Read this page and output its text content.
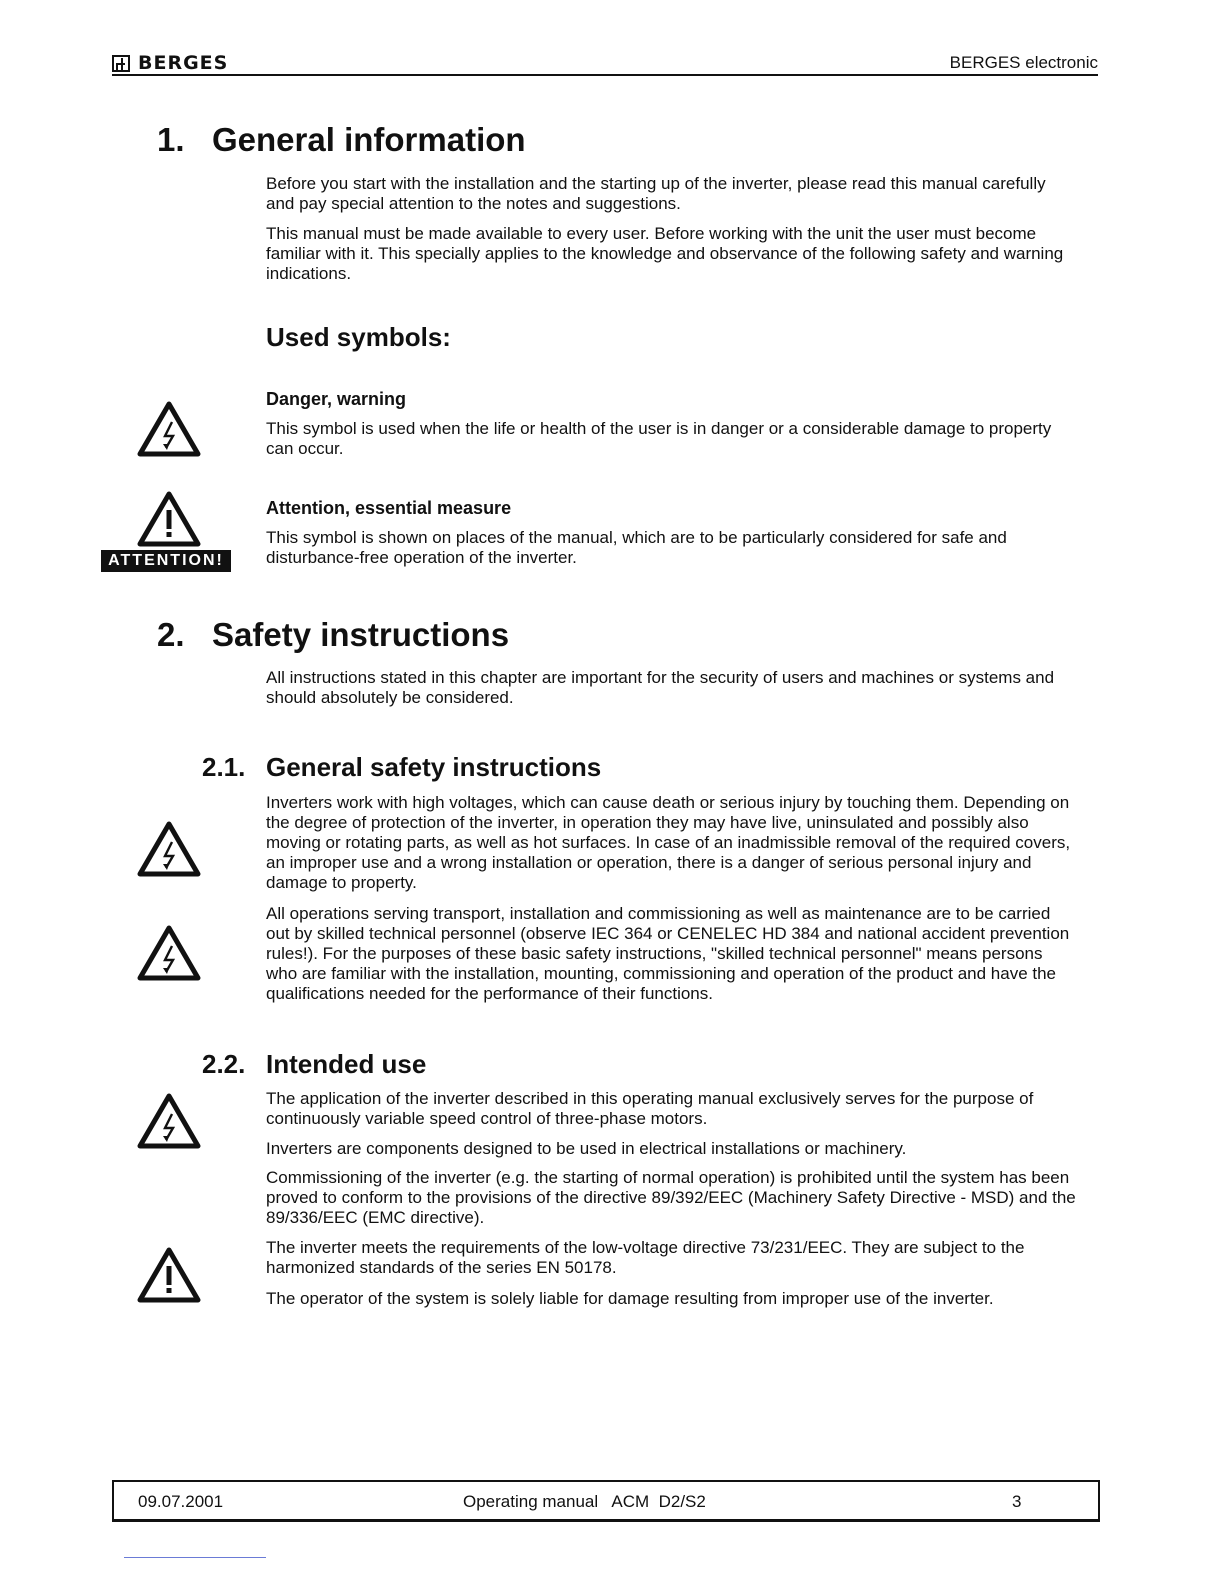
BERGES	BERGES electronic
1. General information

Before you start with the installation and the starting up of the inverter, please read this manual carefully and pay special attention to the notes and suggestions.

This manual must be made available to every user. Before working with the unit the user must become familiar with it. This specially applies to the knowledge and observance of the following safety and warning indications.

Used symbols:
Danger, warning

This symbol is used when the life or health of the user is in danger or a considerable damage to property can occur.

Attention, essential measure
ATTENTION!

This symbol is shown on places of the manual, which are to be particularly considered for safe and disturbance-free operation of the inverter.

2. Safety instructions

All instructions stated in this chapter are important for the security of users and machines or systems and should absolutely be considered.

2.1. General safety instructions

Inverters work with high voltages, which can cause death or serious injury by touching them. Depending on the degree of protection of the inverter, in operation they may have live, uninsulated and possibly also moving or rotating parts, as well as hot surfaces. In case of an inadmissible removal of the required covers, an improper use and a wrong installation or operation, there is a danger of serious personal injury and damage to property.

All operations serving transport, installation and commissioning as well as maintenance are to be carried out by skilled technical personnel (observe IEC 364 or CENELEC HD 384 and national accident prevention rules!). For the purposes of these basic safety instructions, "skilled technical personnel" means persons who are familiar with the installation, mounting, commissioning and operation of the product and have the qualifications needed for the performance of their functions.

2.2. Intended use

The application of the inverter described in this operating manual exclusively serves for the purpose of continuously variable speed control of three-phase motors.

Inverters are components designed to be used in electrical installations or machinery.

Commissioning of the inverter (e.g. the starting of normal operation) is prohibited until the system has been proved to conform to the provisions of the directive 89/392/EEC (Machinery Safety Directive - MSD) and the 89/336/EEC (EMC directive).

The inverter meets the requirements of the low-voltage directive 73/231/EEC. They are subject to the harmonized standards of the series EN 50178.

The operator of the system is solely liable for damage resulting from improper use of the inverter.

09.07.2001	Operating manual   ACM  D2/S2	3
